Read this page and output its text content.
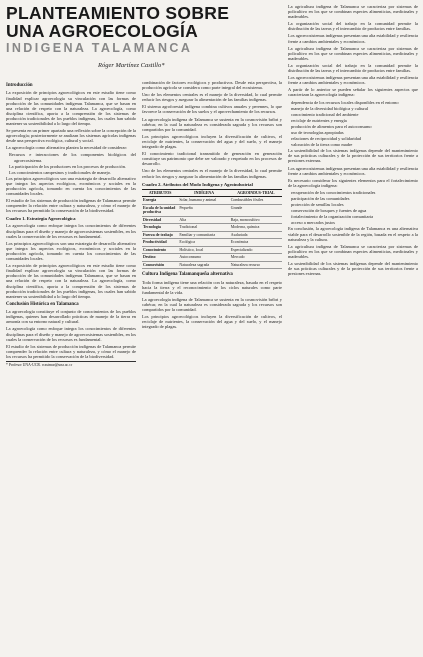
PLANTEAMIENTO SOBRE
UNA AGROECOLOGÍA
INDIGENA TALAMANCA
Róger Martínez Castillo*
Introducción

La exposición de principios agroecológicos en este estudio tiene como finalidad explicar agroecología su vinculación con las formas de producción de las comunidades indígenas Talamanca, que se basan en una relación de respeto con la naturaleza. La agroecología, como disciplina científica, aporta a la comprensión de los sistemas de producción tradicionales de los pueblos indígenas, los cuales han sabido mantener su sostenibilidad a lo largo del tiempo.

Se presenta en un primer apartado una reflexión sobre la concepción de la agroecología; posteriormente se analizan los sistemas agrícolas indígenas desde una perspectiva ecológica, cultural y social.

La agroecología como alternativa plantea la necesidad de considerar:

Recursos e interacciones de los componentes biológicos del agroecosistema.
La participación de los productores en los procesos de producción.
Los conocimientos campesinos y tradicionales de manejo.

Los principios agroecológicos son una estrategia de desarrollo alternativo que integra los aspectos ecológicos, económicos y sociales en la producción agrícola, tomando en cuenta los conocimientos de las comunidades locales.

El estudio de los sistemas de producción indígenas de Talamanca permite comprender la relación entre cultura y naturaleza, y cómo el manejo de los recursos ha permitido la conservación de la biodiversidad.

Cuadro 1. Estrategia Agroecológica

La agroecología como enfoque integra los conocimientos de diferentes disciplinas para el diseño y manejo de agroecosistemas sostenibles, en los cuales la conservación de los recursos es fundamental.

Los principios agroecológicos son una estrategia de desarrollo alternativo que integra los aspectos ecológicos, económicos y sociales en la producción agrícola, tomando en cuenta los conocimientos de las comunidades locales.

La exposición de principios agroecológicos en este estudio tiene como finalidad explicar agroecología su vinculación con las formas de producción de las comunidades indígenas Talamanca, que se basan en una relación de respeto con la naturaleza. La agroecología, como disciplina científica, aporta a la comprensión de los sistemas de producción tradicionales de los pueblos indígenas, los cuales han sabido mantener su sostenibilidad a lo largo del tiempo.

Conclusión Histórica en Talamanca

La agroecología constituye el conjunto de conocimientos de los pueblos indígenas, quienes han desarrollado prácticas de manejo de la tierra en armonía con su entorno natural y cultural.

La agroecología como enfoque integra los conocimientos de diferentes disciplinas para el diseño y manejo de agroecosistemas sostenibles, en los cuales la conservación de los recursos es fundamental.

El estudio de los sistemas de producción indígenas de Talamanca permite comprender la relación entre cultura y naturaleza, y cómo el manejo de los recursos ha permitido la conservación de la biodiversidad.

* Profesor UNA-UCR. rcastmar@una.ac.cr

combinación de factores ecológicos y productivos. Desde esta perspectiva, la producción agrícola se considera como parte integral del ecosistema.

Uno de los elementos centrales es el manejo de la diversidad, lo cual permite reducir los riesgos y asegurar la alimentación de las familias indígenas.

El sistema agroforestal indígena combina cultivos anuales y perennes, lo que favorece la conservación de los suelos y el aprovechamiento de los recursos.

La agroecología indígena de Talamanca se sustenta en la cosmovisión bribri y cabécar, en la cual la naturaleza es considerada sagrada y los recursos son compartidos por la comunidad.

Los principios agroecológicos incluyen la diversificación de cultivos, el reciclaje de nutrientes, la conservación del agua y del suelo, y el manejo integrado de plagas.

El conocimiento tradicional transmitido de generación en generación constituye un patrimonio que debe ser valorado y respetado en los procesos de desarrollo.

Uno de los elementos centrales es el manejo de la diversidad, lo cual permite reducir los riesgos y asegurar la alimentación de las familias indígenas.

Cuadro 2. Atributos del Modo Indígena y Agroindustrial
ATRIBUTOS	INDÍGENA	AGROINDUS-TRIAL
Energía	Solar, humana y animal	Combustibles fósiles
Escala de la unidad productiva	Pequeña	Grande
Diversidad	Alta	Baja, monocultivo
Tecnología	Tradicional	Moderna, química
Fuerza de trabajo	Familiar y comunitaria	Asalariada
Productividad	Ecológica	Económica
Conocimiento	Holístico, local	Especializado
Destino	Autoconsumo	Mercado
Cosmovisión	Naturaleza sagrada	Naturaleza recurso
Cultura Indígena Talamanqueña alternativa

Toda forma indígena tiene una relación con la naturaleza, basada en el respeto hacia la tierra y el reconocimiento de los ciclos naturales como parte fundamental de la vida.

La agroecología indígena de Talamanca se sustenta en la cosmovisión bribri y cabécar, en la cual la naturaleza es considerada sagrada y los recursos son compartidos por la comunidad.

Los principios agroecológicos incluyen la diversificación de cultivos, el reciclaje de nutrientes, la conservación del agua y del suelo, y el manejo integrado de plagas.

La agricultura indígena de Talamanca se caracteriza por sistemas de policultivo en los que se combinan especies alimenticias, medicinales y maderables.

La organización social del trabajo en la comunidad permite la distribución de las tareas y el intercambio de productos entre familias.

Los agroecosistemas indígenas presentan una alta estabilidad y resiliencia frente a cambios ambientales y económicos.

La agricultura indígena de Talamanca se caracteriza por sistemas de policultivo en los que se combinan especies alimenticias, medicinales y maderables.

La organización social del trabajo en la comunidad permite la distribución de las tareas y el intercambio de productos entre familias.

Los agroecosistemas indígenas presentan una alta estabilidad y resiliencia frente a cambios ambientales y económicos.

A partir de lo anterior se pueden señalar los siguientes aspectos que caracterizan la agroecología indígena:

dependencia de los recursos locales disponibles en el entorno
manejo de la diversidad biológica y cultural
conocimiento tradicional del ambiente
reciclaje de nutrientes y energía
producción de alimentos para el autoconsumo
uso de tecnologías apropiadas
relaciones de reciprocidad y solidaridad
valoración de la tierra como madre

La sostenibilidad de los sistemas indígenas depende del mantenimiento de sus prácticas culturales y de la protección de sus territorios frente a presiones externas.

Los agroecosistemas indígenas presentan una alta estabilidad y resiliencia frente a cambios ambientales y económicos.

Es necesario considerar los siguientes elementos para el fortalecimiento de la agroecología indígena:

recuperación de los conocimientos tradicionales
participación de las comunidades
protección de semillas locales
conservación de bosques y fuentes de agua
fortalecimiento de la organización comunitaria
acceso a mercados justos

En conclusión, la agroecología indígena de Talamanca es una alternativa viable para el desarrollo sostenible de la región, basada en el respeto a la naturaleza y la cultura.

La agricultura indígena de Talamanca se caracteriza por sistemas de policultivo en los que se combinan especies alimenticias, medicinales y maderables.

La sostenibilidad de los sistemas indígenas depende del mantenimiento de sus prácticas culturales y de la protección de sus territorios frente a presiones externas.
